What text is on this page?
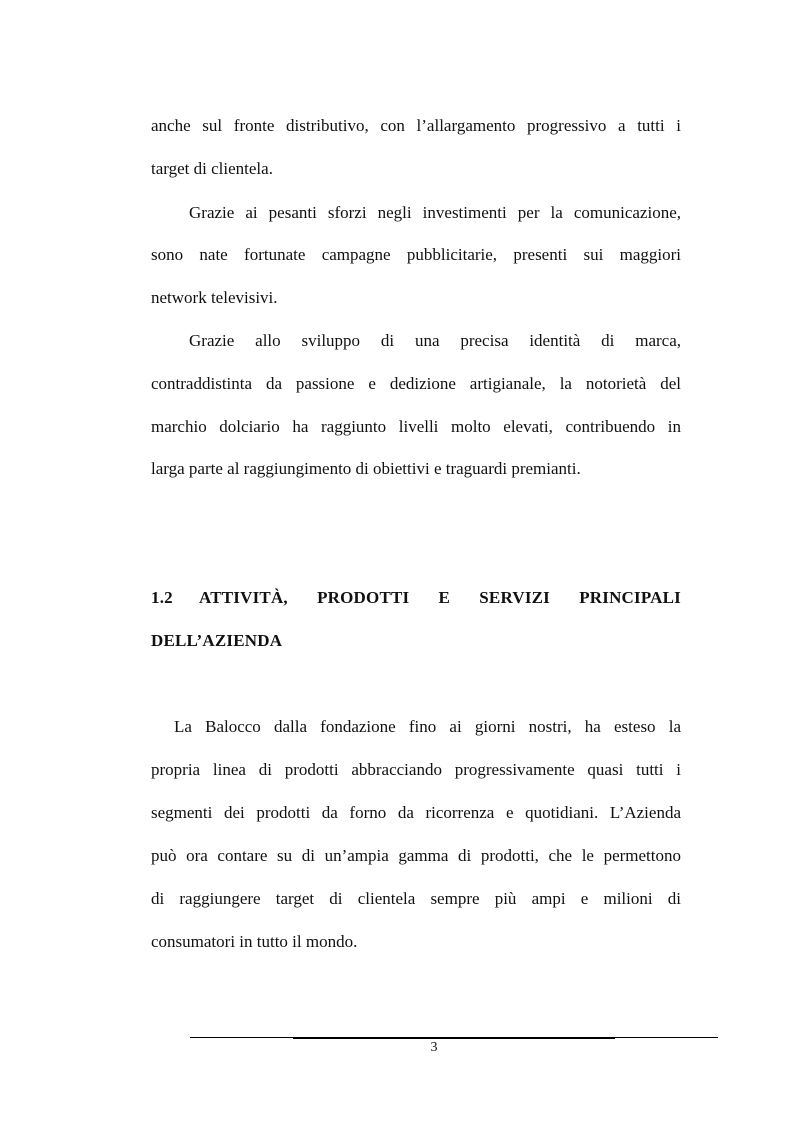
anche sul fronte distributivo, con l’allargamento progressivo a tutti i

target di clientela.

Grazie ai pesanti sforzi negli investimenti per la comunicazione,

sono nate fortunate campagne pubblicitarie, presenti sui maggiori

network televisivi.

Grazie allo sviluppo di una precisa identità di marca,

contraddistinta da passione e dedizione artigianale, la notorietà del

marchio dolciario ha raggiunto livelli molto elevati, contribuendo in

larga parte al raggiungimento di obiettivi e traguardi premianti.

1.2	ATTIVITÀ, PRODOTTI E SERVIZI PRINCIPALI

DELL’AZIENDA

La Balocco dalla fondazione fino ai giorni nostri, ha esteso la

propria linea di prodotti abbracciando progressivamente quasi tutti i

segmenti dei prodotti da forno da ricorrenza e quotidiani. L’Azienda

può ora contare su di un’ampia gamma di prodotti, che le permettono

di raggiungere target di clientela sempre più ampi e milioni di

consumatori in tutto il mondo.

3
